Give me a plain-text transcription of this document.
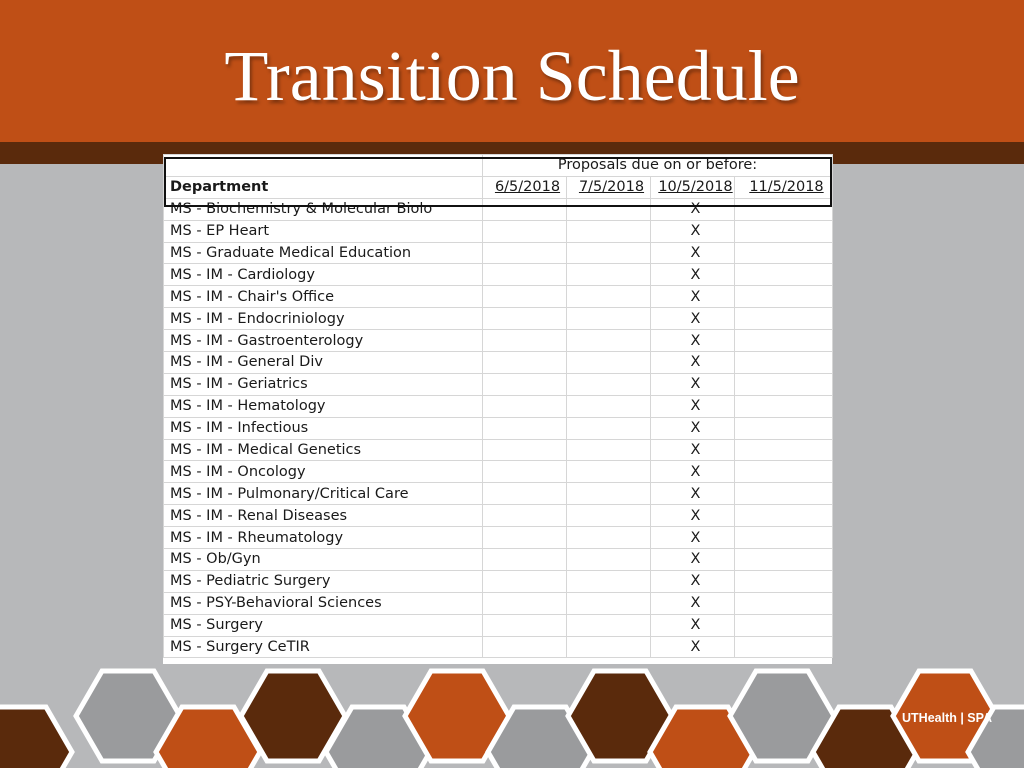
Transition Schedule
	Proposals due on or before:			
Department	6/5/2018	7/5/2018	10/5/2018	11/5/2018
MS - Biochemistry & Molecular Biolo			X	
MS - EP Heart			X	
MS - Graduate Medical Education			X	
MS - IM - Cardiology			X	
MS - IM - Chair's Office			X	
MS - IM - Endocriniology			X	
MS - IM - Gastroenterology			X	
MS - IM - General Div			X	
MS - IM - Geriatrics			X	
MS - IM - Hematology			X	
MS - IM - Infectious			X	
MS - IM - Medical Genetics			X	
MS - IM - Oncology			X	
MS - IM - Pulmonary/Critical Care			X	
MS - IM - Renal Diseases			X	
MS - IM - Rheumatology			X	
MS - Ob/Gyn			X	
MS - Pediatric Surgery			X	
MS - PSY-Behavioral Sciences			X	
MS - Surgery			X	
MS - Surgery CeTIR			X	
UTHealth | SPA
